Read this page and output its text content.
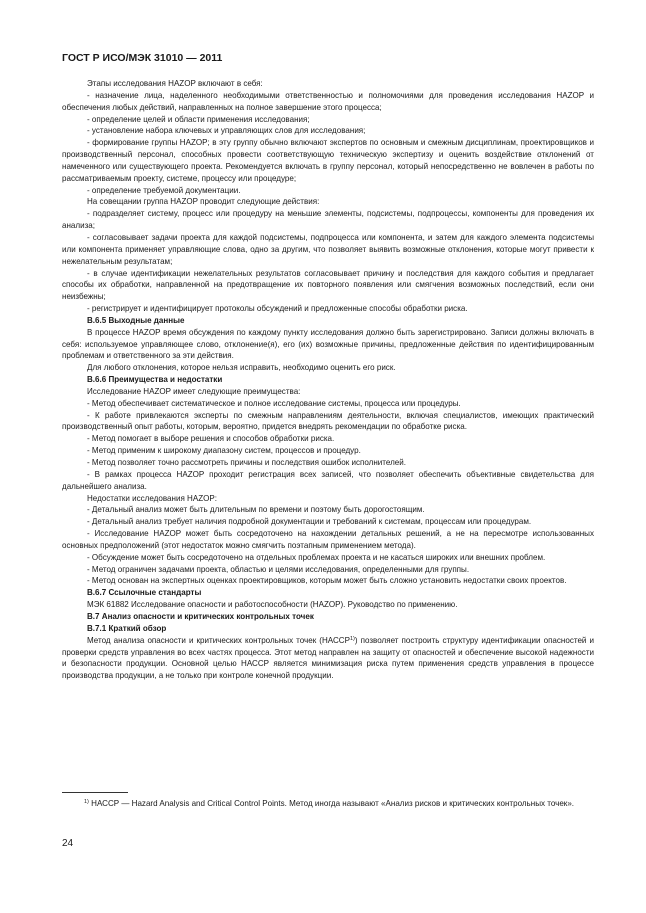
ГОСТ Р ИСО/МЭК 31010 — 2011

Этапы исследования HAZOP включают в себя:

- назначение лица, наделенного необходимыми ответственностью и полномочиями для проведения исследования HAZOP и обеспечения любых действий, направленных на полное завершение этого процесса;

- определение целей и области применения исследования;

- установление набора ключевых и управляющих слов для исследования;

- формирование группы HAZOP; в эту группу обычно включают экспертов по основным и смежным дисциплинам, проектировщиков и производственный персонал, способных провести соответствующую техническую экспертизу и оценить воздействие отклонений от намеченного или существующего проекта. Рекомендуется включать в группу персонал, который непосредственно не вовлечен в работы по рассматриваемым проекту, системе, процессу или процедуре;

- определение требуемой документации.

На совещании группа HAZOP проводит следующие действия:

- подразделяет систему, процесс или процедуру на меньшие элементы, подсистемы, подпроцессы, компоненты для проведения их анализа;

- согласовывает задачи проекта для каждой подсистемы, подпроцесса или компонента, и затем для каждого элемента подсистемы или компонента применяет управляющие слова, одно за другим, что позволяет выявить возможные отклонения, которые могут привести к нежелательным результатам;

- в случае идентификации нежелательных результатов согласовывает причину и последствия для каждого события и предлагает способы их обработки, направленной на предотвращение их повторного появления или смягчения возможных последствий, если они неизбежны;

- регистрирует и идентифицирует протоколы обсуждений и предложенные способы обработки риска.

В.6.5 Выходные данные

В процессе HAZOP время обсуждения по каждому пункту исследования должно быть зарегистрировано. Записи должны включать в себя: используемое управляющее слово, отклонение(я), его (их) возможные причины, предложенные действия по идентифицированным проблемам и ответственного за эти действия.

Для любого отклонения, которое нельзя исправить, необходимо оценить его риск.

В.6.6 Преимущества и недостатки

Исследование HAZOP имеет следующие преимущества:

- Метод обеспечивает систематическое и полное исследование системы, процесса или процедуры.

- К работе привлекаются эксперты по смежным направлениям деятельности, включая специалистов, имеющих практический производственный опыт работы, которым, вероятно, придется внедрять рекомендации по обработке риска.

- Метод помогает в выборе решения и способов обработки риска.

- Метод применим к широкому диапазону систем, процессов и процедур.

- Метод позволяет точно рассмотреть причины и последствия ошибок исполнителей.

- В рамках процесса HAZOP проходит регистрация всех записей, что позволяет обеспечить объективные свидетельства для дальнейшего анализа.

Недостатки исследования HAZOP:

- Детальный анализ может быть длительным по времени и поэтому быть дорогостоящим.

- Детальный анализ требует наличия подробной документации и требований к системам, процессам или процедурам.

- Исследование HAZOP может быть сосредоточено на нахождении детальных решений, а не на пересмотре использованных основных предположений (этот недостаток можно смягчить поэтапным применением метода).

- Обсуждение может быть сосредоточено на отдельных проблемах проекта и не касаться широких или внешних проблем.

- Метод ограничен задачами проекта, областью и целями исследования, определенными для группы.

- Метод основан на экспертных оценках проектировщиков, которым может быть сложно установить недостатки своих проектов.

В.6.7 Ссылочные стандарты

МЭК 61882 Исследование опасности и работоспособности (HAZOP). Руководство по применению.

В.7 Анализ опасности и критических контрольных точек

В.7.1 Краткий обзор

Метод анализа опасности и критических контрольных точек (НАССР$^{1)}$) позволяет построить структуру идентификации опасностей и проверки средств управления во всех частях процесса. Этот метод направлен на защиту от опасностей и обеспечение высокой надежности и безопасности продукции. Основной целью НАССР является минимизация риска путем применения средств управления в процессе производства продукции, а не только при контроле конечной продукции.

$^{1)}$ НАССР — Hazard Analysis and Critical Control Points. Метод иногда называют «Анализ рисков и критических контрольных точек».

24
